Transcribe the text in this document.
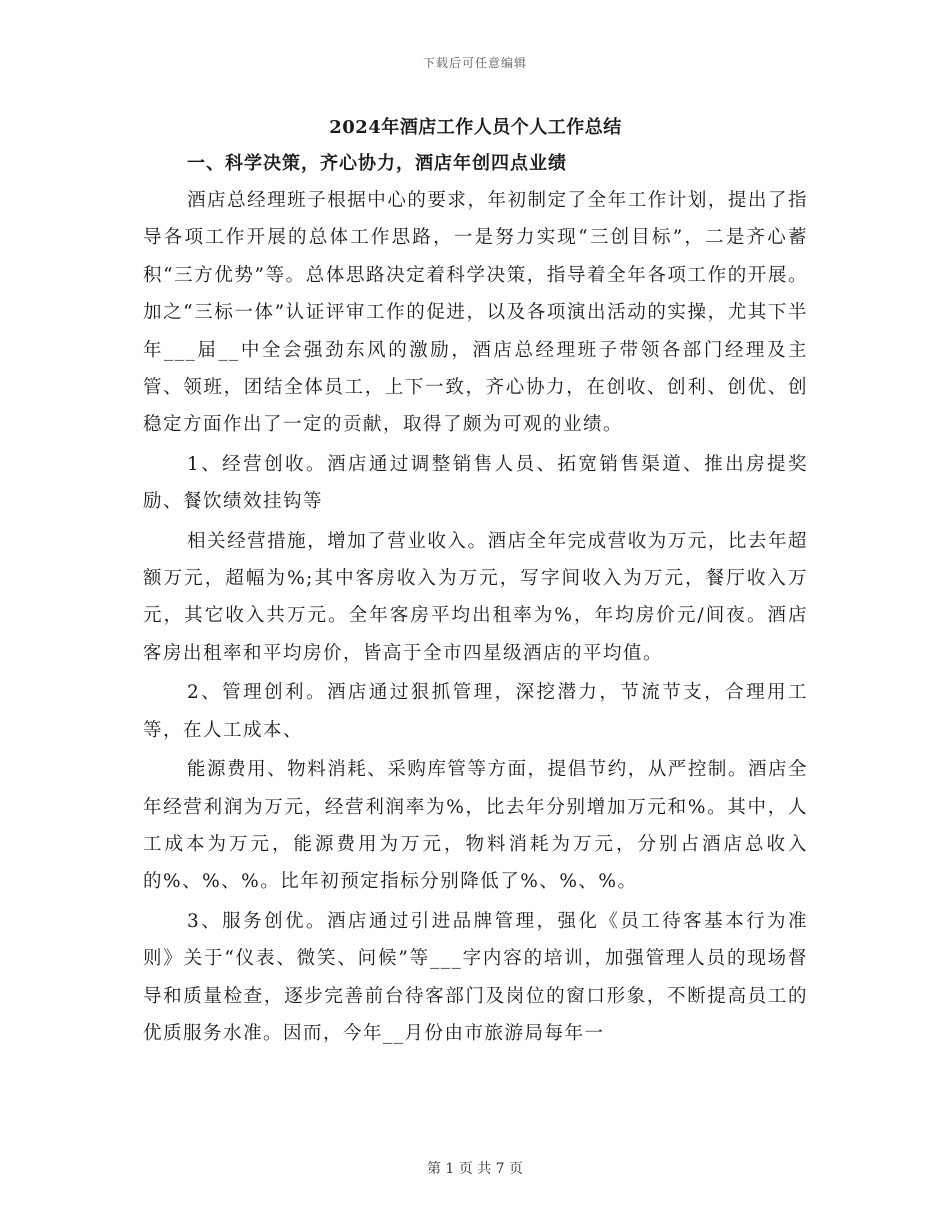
下载后可任意编辑
2024年酒店工作人员个人工作总结
一、科学决策，齐心协力，酒店年创四点业绩

酒店总经理班子根据中心的要求，年初制定了全年工作计划，提出了指导各项工作开展的总体工作思路，一是努力实现“三创目标”，二是齐心蓄积“三方优势”等。总体思路决定着科学决策，指导着全年各项工作的开展。加之“三标一体”认证评审工作的促进，以及各项演出活动的实操，尤其下半年___届__中全会强劲东风的激励，酒店总经理班子带领各部门经理及主管、领班，团结全体员工，上下一致，齐心协力，在创收、创利、创优、创稳定方面作出了一定的贡献，取得了颇为可观的业绩。

1、经营创收。酒店通过调整销售人员、拓宽销售渠道、推出房提奖励、餐饮绩效挂钩等

相关经营措施，增加了营业收入。酒店全年完成营收为万元，比去年超额万元，超幅为%;其中客房收入为万元，写字间收入为万元，餐厅收入万元，其它收入共万元。全年客房平均出租率为%，年均房价元/间夜。酒店客房出租率和平均房价，皆高于全市四星级酒店的平均值。

2、管理创利。酒店通过狠抓管理，深挖潜力，节流节支，合理用工等，在人工成本、

能源费用、物料消耗、采购库管等方面，提倡节约，从严控制。酒店全年经营利润为万元，经营利润率为%，比去年分别增加万元和%。其中，人工成本为万元，能源费用为万元，物料消耗为万元，分别占酒店总收入的%、%、%。比年初预定指标分别降低了%、%、%。

3、服务创优。酒店通过引进品牌管理，强化《员工待客基本行为准则》关于“仪表、微笑、问候”等___字内容的培训，加强管理人员的现场督导和质量检查，逐步完善前台待客部门及岗位的窗口形象，不断提高员工的优质服务水准。因而，今年__月份由市旅游局每年一

第 1 页 共 7 页
